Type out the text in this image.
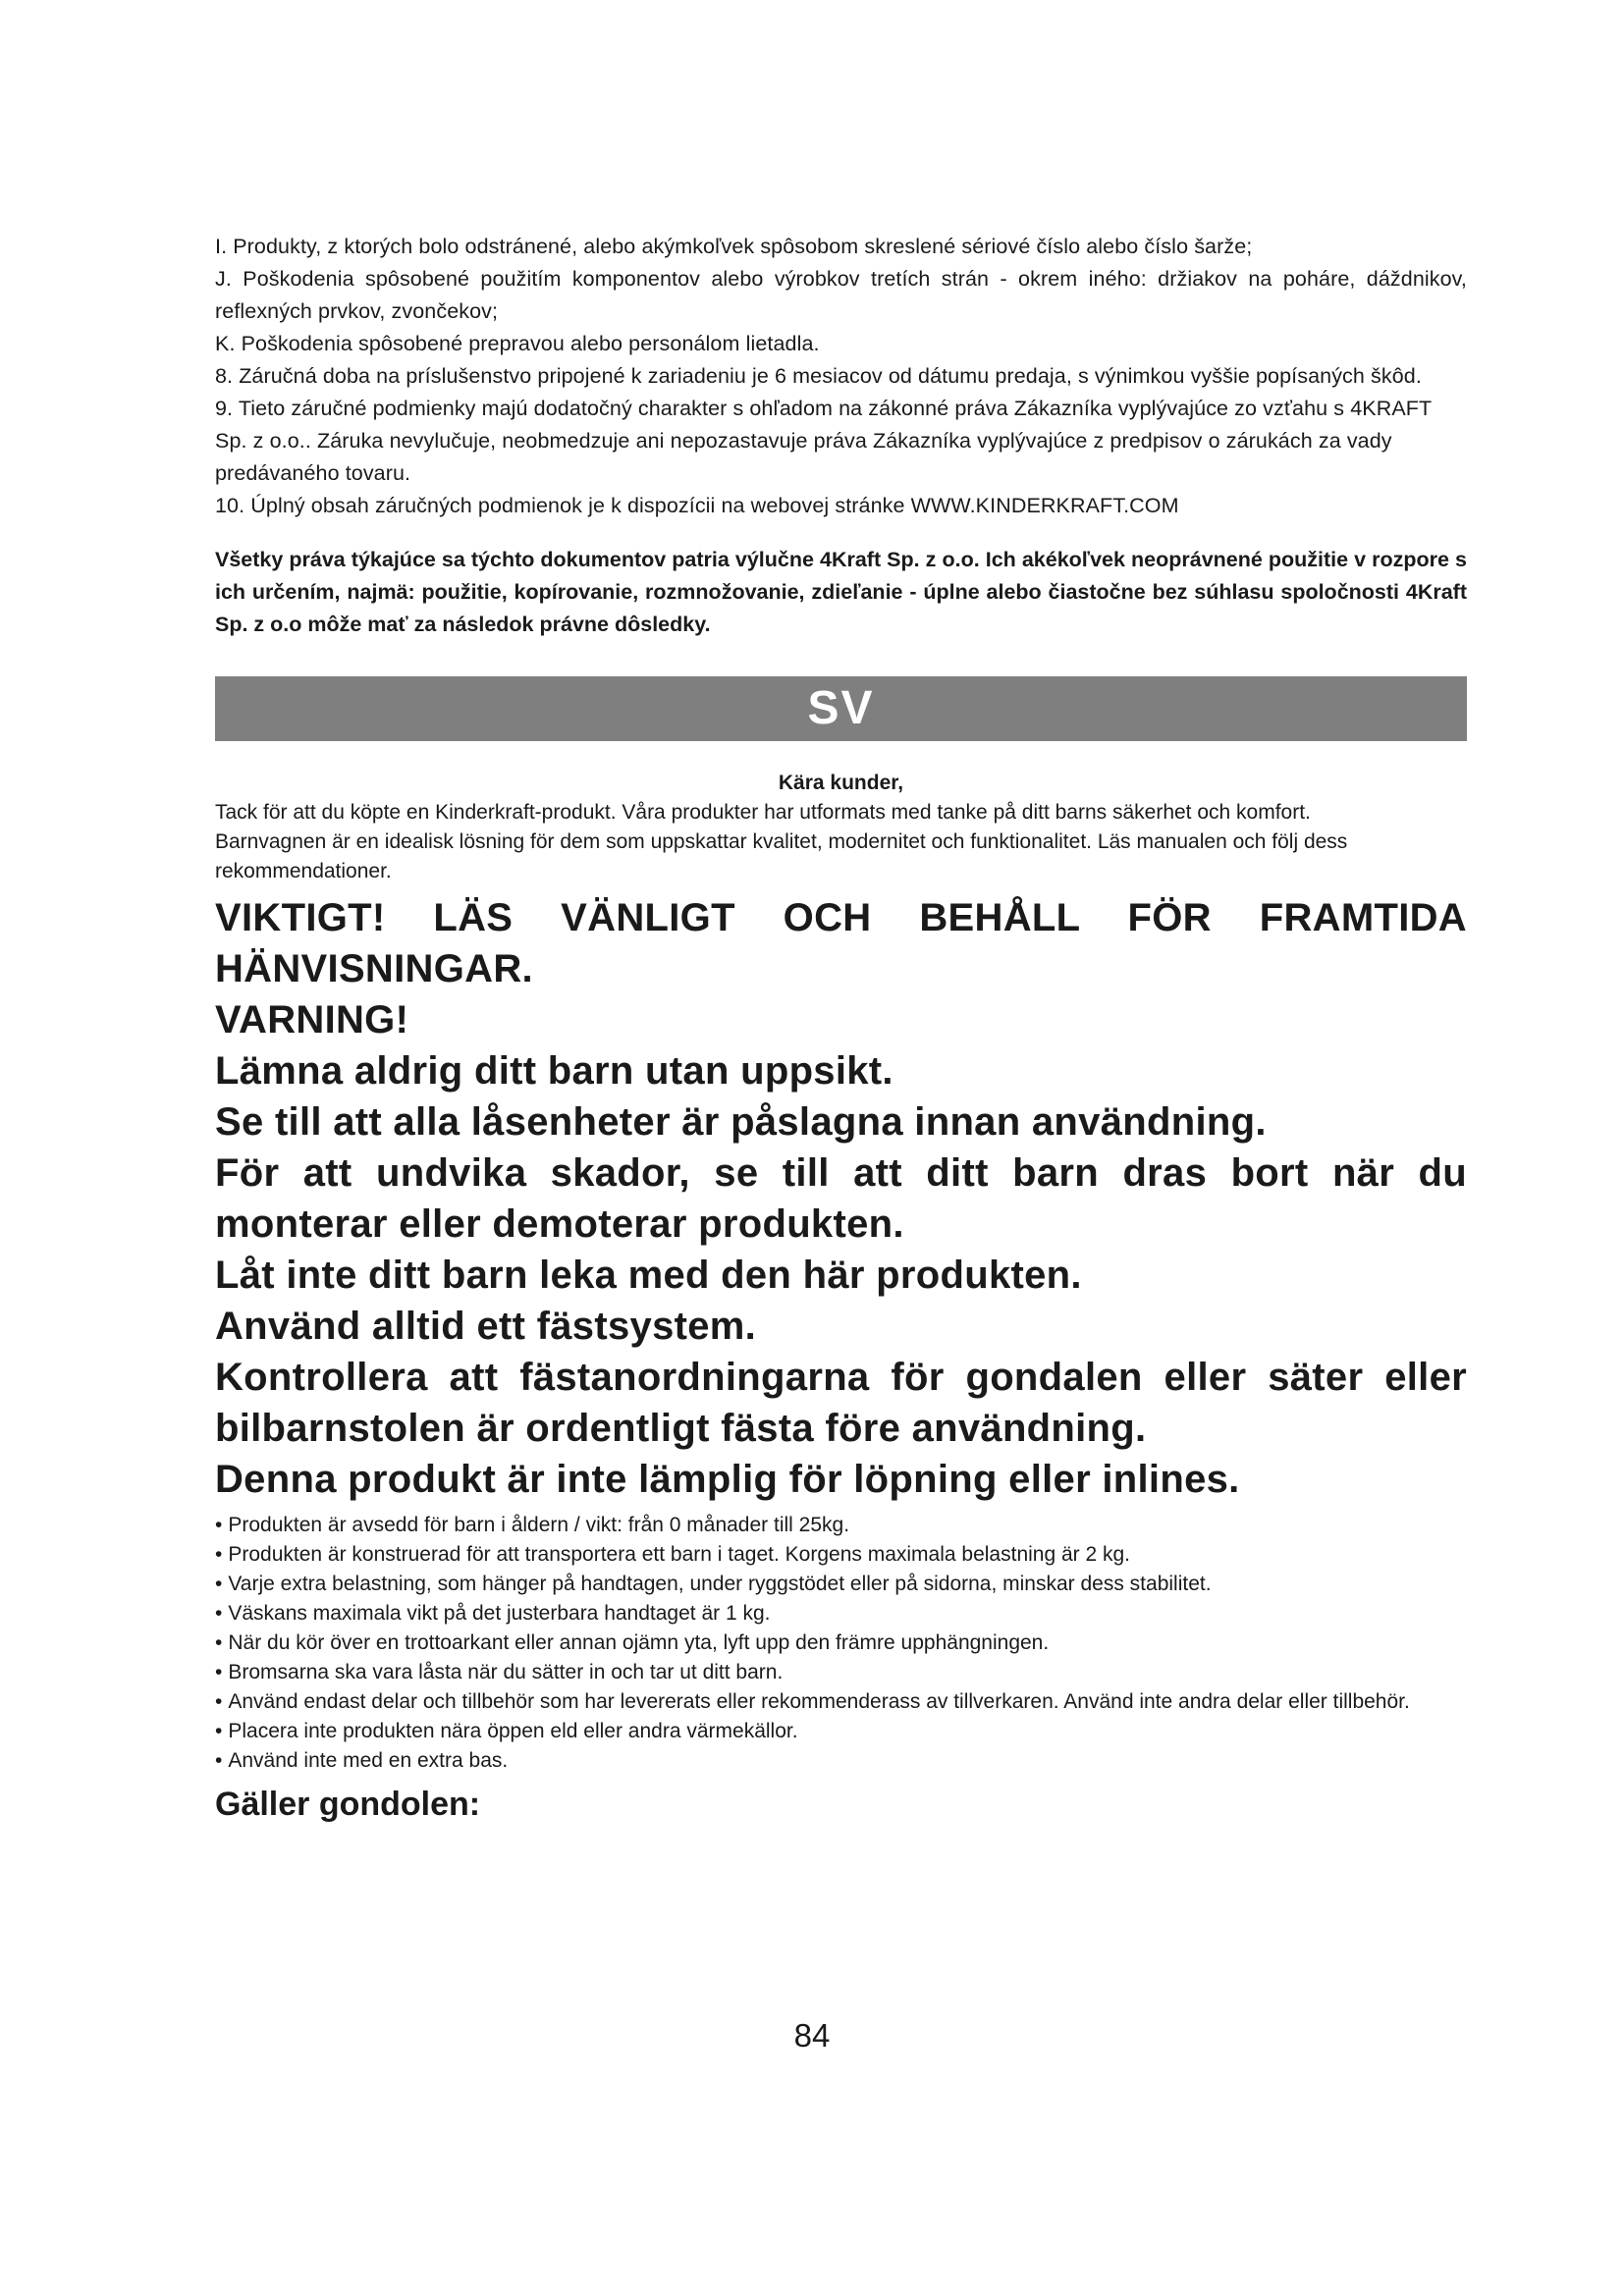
I. Produkty, z ktorých bolo odstránené, alebo akýmkoľvek spôsobom skreslené sériové číslo alebo číslo šarže;

J. Poškodenia spôsobené použitím komponentov alebo výrobkov tretích strán - okrem iného: držiakov na poháre, dáždnikov, reflexných prvkov, zvončekov;

K. Poškodenia spôsobené prepravou alebo personálom lietadla.

8. Záručná doba na príslušenstvo pripojené k zariadeniu je 6 mesiacov od dátumu predaja, s výnimkou vyššie popísaných škôd.

9. Tieto záručné podmienky majú dodatočný charakter s ohľadom na zákonné práva Zákazníka vyplývajúce zo vzťahu s 4KRAFT Sp. z o.o.. Záruka nevylučuje, neobmedzuje ani nepozastavuje práva Zákazníka vyplývajúce z predpisov o zárukách za vady predávaného tovaru.

10. Úplný obsah záručných podmienok je k dispozícii na webovej stránke WWW.KINDERKRAFT.COM

Všetky práva týkajúce sa týchto dokumentov patria výlučne 4Kraft Sp. z o.o. Ich akékoľvek neoprávnené použitie v rozpore s ich určením, najmä: použitie, kopírovanie, rozmnožovanie, zdieľanie - úplne alebo čiastočne bez súhlasu spoločnosti 4Kraft Sp. z o.o môže mať za následok právne dôsledky.

SV
Kära kunder,

Tack för att du köpte en Kinderkraft-produkt. Våra produkter har utformats med tanke på ditt barns säkerhet och komfort.

Barnvagnen är en idealisk lösning för dem som uppskattar kvalitet, modernitet och funktionalitet. Läs manualen och följ dess rekommendationer.

VIKTIGT! LÄS VÄNLIGT OCH BEHÅLL FÖR FRAMTIDA HÄNVISNINGAR.

VARNING!

Lämna aldrig ditt barn utan uppsikt.

Se till att alla låsenheter är påslagna innan användning.

För att undvika skador, se till att ditt barn dras bort när du monterar eller demoterar produkten.

Låt inte ditt barn leka med den här produkten.

Använd alltid ett fästsystem.

Kontrollera att fästanordningarna för gondalen eller säter eller bilbarnstolen är ordentligt fästa före användning.

Denna produkt är inte lämplig för löpning eller inlines.

• Produkten är avsedd för barn i åldern / vikt: från 0 månader till 25kg.
• Produkten är konstruerad för att transportera ett barn i taget. Korgens maximala belastning är 2 kg.
• Varje extra belastning, som hänger på handtagen, under ryggstödet eller på sidorna, minskar dess stabilitet.
• Väskans maximala vikt på det justerbara handtaget är 1 kg.
• När du kör över en trottoarkant eller annan ojämn yta, lyft upp den främre upphängningen.
• Bromsarna ska vara låsta när du sätter in och tar ut ditt barn.
• Använd endast delar och tillbehör som har levererats eller rekommenderass av tillverkaren. Använd inte andra delar eller tillbehör.
• Placera inte produkten nära öppen eld eller andra värmekällor.
• Använd inte med en extra bas.

Gäller gondolen:

84
